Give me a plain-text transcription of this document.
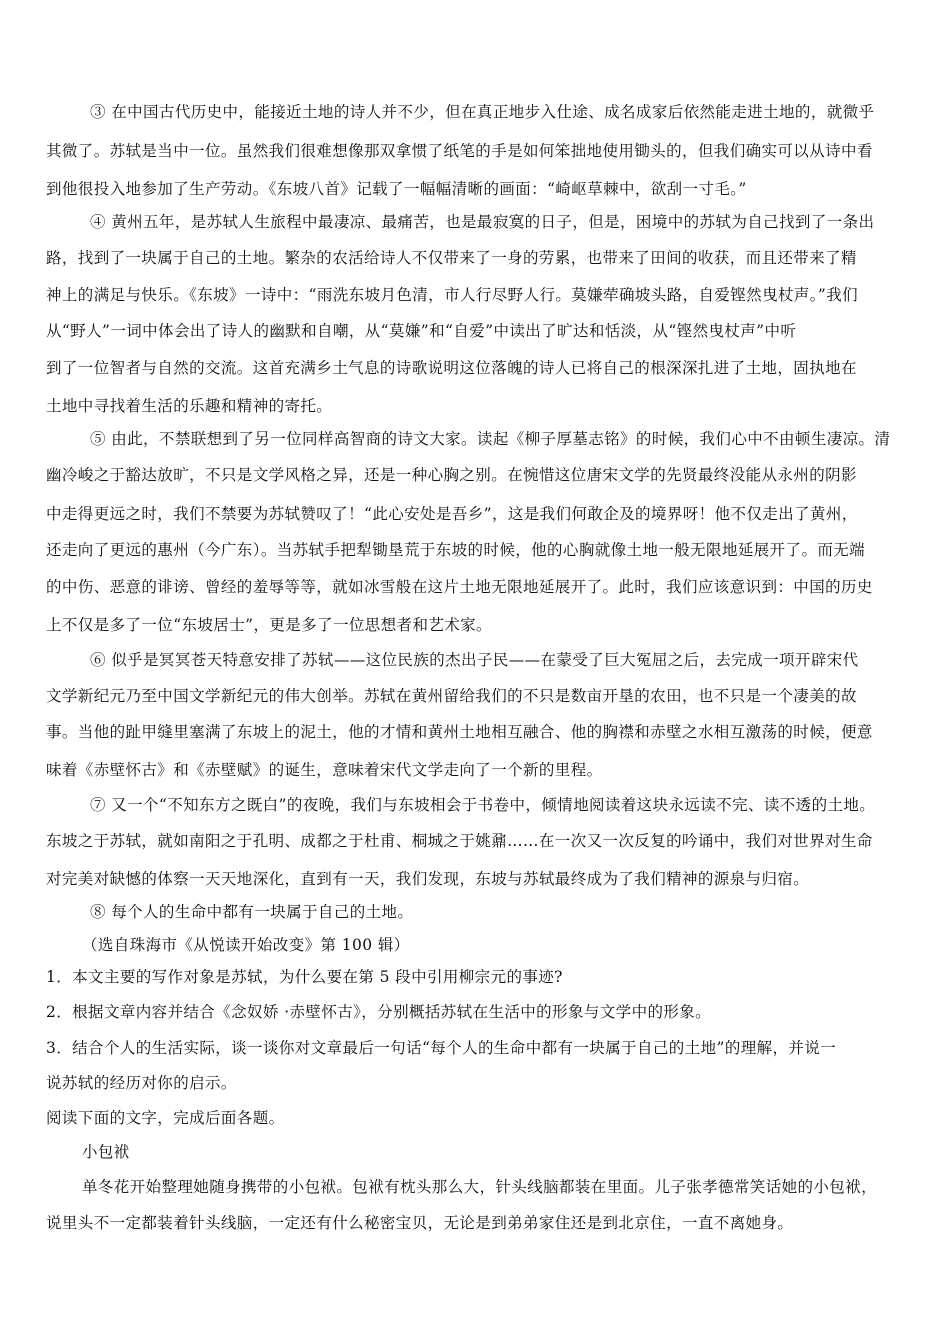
③ 在中国古代历史中，能接近土地的诗人并不少，但在真正地步入仕途、成名成家后依然能走进土地的，就微乎
其微了。苏轼是当中一位。虽然我们很难想像那双拿惯了纸笔的手是如何笨拙地使用锄头的，但我们确实可以从诗中看
到他很投入地参加了生产劳动。《东坡八首》记载了一幅幅清晰的画面：“崎岖草棘中，欲刮一寸毛。”
④ 黄州五年，是苏轼人生旅程中最凄凉、最痛苦，也是最寂寞的日子，但是，困境中的苏轼为自己找到了一条出
路，找到了一块属于自己的土地。繁杂的农活给诗人不仅带来了一身的劳累，也带来了田间的收获，而且还带来了精
神上的满足与快乐。《东坡》一诗中：“雨洗东坡月色清，市人行尽野人行。莫嫌荦确坡头路，自爱铿然曳杖声。”我们
从“野人”一词中体会出了诗人的幽默和自嘲，从“莫嫌”和“自爱”中读出了旷达和恬淡，从“铿然曳杖声”中听
到了一位智者与自然的交流。这首充满乡土气息的诗歌说明这位落魄的诗人已将自己的根深深扎进了土地，固执地在
土地中寻找着生活的乐趣和精神的寄托。
⑤ 由此，不禁联想到了另一位同样高智商的诗文大家。读起《柳子厚墓志铭》的时候，我们心中不由顿生凄凉。清
幽冷峻之于豁达放旷，不只是文学风格之异，还是一种心胸之别。在惋惜这位唐宋文学的先贤最终没能从永州的阴影
中走得更远之时，我们不禁要为苏轼赞叹了！“此心安处是吾乡”，这是我们何敢企及的境界呀！他不仅走出了黄州，
还走向了更远的惠州（今广东）。当苏轼手把犁锄垦荒于东坡的时候，他的心胸就像土地一般无限地延展开了。而无端
的中伤、恶意的诽谤、曾经的羞辱等等，就如冰雪般在这片土地无限地延展开了。此时，我们应该意识到：中国的历史
上不仅是多了一位“东坡居士”，更是多了一位思想者和艺术家。
⑥ 似乎是冥冥苍天特意安排了苏轼——这位民族的杰出子民——在蒙受了巨大冤屈之后，去完成一项开辟宋代
文学新纪元乃至中国文学新纪元的伟大创举。苏轼在黄州留给我们的不只是数亩开垦的农田，也不只是一个凄美的故
事。当他的趾甲缝里塞满了东坡上的泥土，他的才情和黄州土地相互融合、他的胸襟和赤壁之水相互激荡的时候，便意
味着《赤壁怀古》和《赤壁赋》的诞生，意味着宋代文学走向了一个新的里程。
⑦ 又一个“不知东方之既白”的夜晚，我们与东坡相会于书卷中，倾情地阅读着这块永远读不完、读不透的土地。
东坡之于苏轼，就如南阳之于孔明、成都之于杜甫、桐城之于姚鼐……在一次又一次反复的吟诵中，我们对世界对生命
对完美对缺憾的体察一天天地深化，直到有一天，我们发现，东坡与苏轼最终成为了我们精神的源泉与归宿。
⑧ 每个人的生命中都有一块属于自己的土地。
（选自珠海市《从悦读开始改变》第 100 辑）
1．本文主要的写作对象是苏轼，为什么要在第 5 段中引用柳宗元的事迹?
2．根据文章内容并结合《念奴娇 ·赤壁怀古》，分别概括苏轼在生活中的形象与文学中的形象。
3．结合个人的生活实际，谈一谈你对文章最后一句话“每个人的生命中都有一块属于自己的土地”的理解，并说一
说苏轼的经历对你的启示。
阅读下面的文字，完成后面各题。
小包袱
单冬花开始整理她随身携带的小包袱。包袱有枕头那么大，针头线脑都装在里面。儿子张孝德常笑话她的小包袱，
说里头不一定都装着针头线脑，一定还有什么秘密宝贝，无论是到弟弟家住还是到北京住，一直不离她身。
